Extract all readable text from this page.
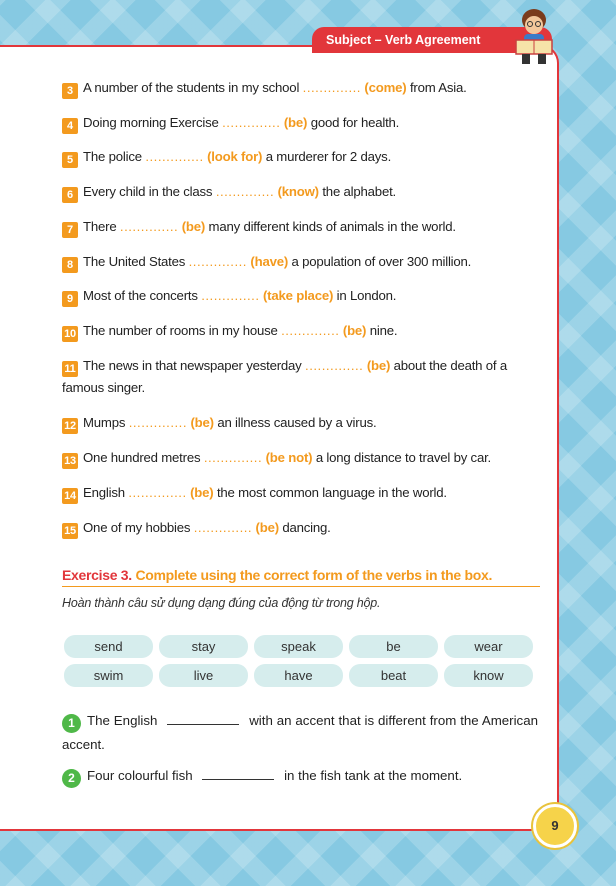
Subject – Verb Agreement
3 A number of the students in my school .............. (come) from Asia.
4 Doing morning Exercise .............. (be) good for health.
5 The police .............. (look for) a murderer for 2 days.
6 Every child in the class .............. (know) the alphabet.
7 There .............. (be) many different kinds of animals in the world.
8 The United States .............. (have) a population of over 300 million.
9 Most of the concerts .............. (take place) in London.
10 The number of rooms in my house .............. (be) nine.
11 The news in that newspaper yesterday .............. (be) about the death of a famous singer.
12 Mumps .............. (be) an illness caused by a virus.
13 One hundred metres .............. (be not) a long distance to travel by car.
14 English .............. (be) the most common language in the world.
15 One of my hobbies .............. (be) dancing.
Exercise 3. Complete using the correct form of the verbs in the box.
Hoàn thành câu sử dụng dạng đúng của động từ trong hộp.
send	stay	speak	be	wear
swim	live	have	beat	know
1 The English	with an accent that is different from the American accent.
2 Four colourful fish	in the fish tank at the moment.
9
